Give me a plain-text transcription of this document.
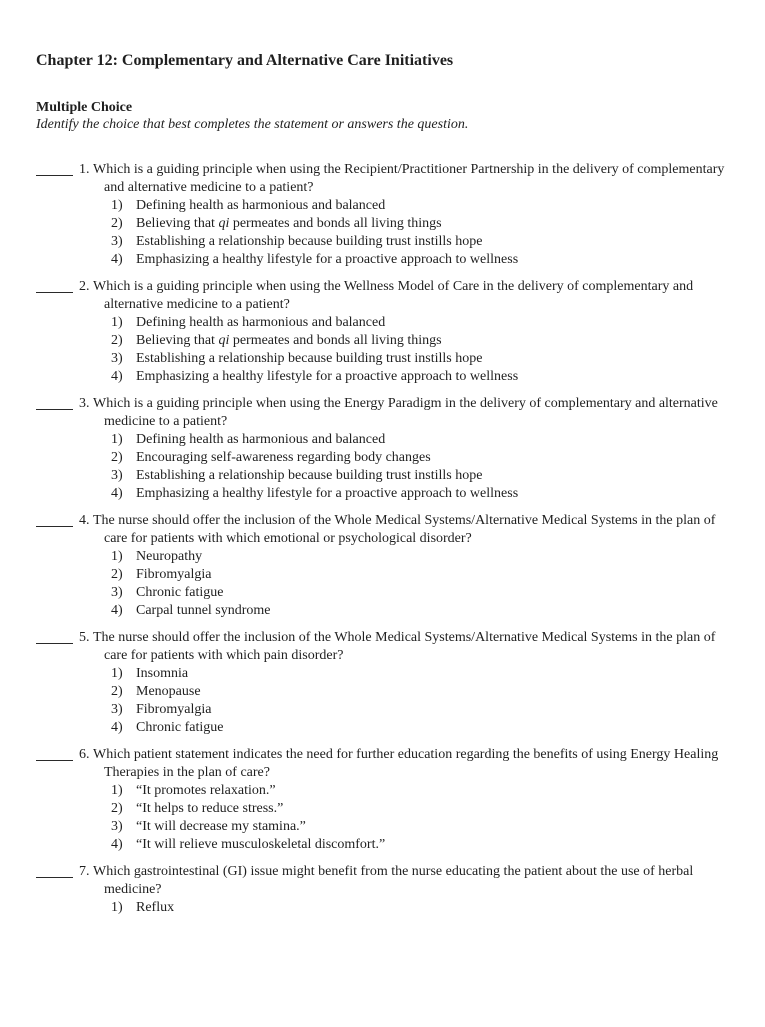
Chapter 12: Complementary and Alternative Care Initiatives
Multiple Choice
Identify the choice that best completes the statement or answers the question.
1. Which is a guiding principle when using the Recipient/Practitioner Partnership in the delivery of complementary and alternative medicine to a patient?
1) Defining health as harmonious and balanced
2) Believing that qi permeates and bonds all living things
3) Establishing a relationship because building trust instills hope
4) Emphasizing a healthy lifestyle for a proactive approach to wellness
2. Which is a guiding principle when using the Wellness Model of Care in the delivery of complementary and alternative medicine to a patient?
1) Defining health as harmonious and balanced
2) Believing that qi permeates and bonds all living things
3) Establishing a relationship because building trust instills hope
4) Emphasizing a healthy lifestyle for a proactive approach to wellness
3. Which is a guiding principle when using the Energy Paradigm in the delivery of complementary and alternative medicine to a patient?
1) Defining health as harmonious and balanced
2) Encouraging self-awareness regarding body changes
3) Establishing a relationship because building trust instills hope
4) Emphasizing a healthy lifestyle for a proactive approach to wellness
4. The nurse should offer the inclusion of the Whole Medical Systems/Alternative Medical Systems in the plan of care for patients with which emotional or psychological disorder?
1) Neuropathy
2) Fibromyalgia
3) Chronic fatigue
4) Carpal tunnel syndrome
5. The nurse should offer the inclusion of the Whole Medical Systems/Alternative Medical Systems in the plan of care for patients with which pain disorder?
1) Insomnia
2) Menopause
3) Fibromyalgia
4) Chronic fatigue
6. Which patient statement indicates the need for further education regarding the benefits of using Energy Healing Therapies in the plan of care?
1) “It promotes relaxation.”
2) “It helps to reduce stress.”
3) “It will decrease my stamina.”
4) “It will relieve musculoskeletal discomfort.”
7. Which gastrointestinal (GI) issue might benefit from the nurse educating the patient about the use of herbal medicine?
1) Reflux
